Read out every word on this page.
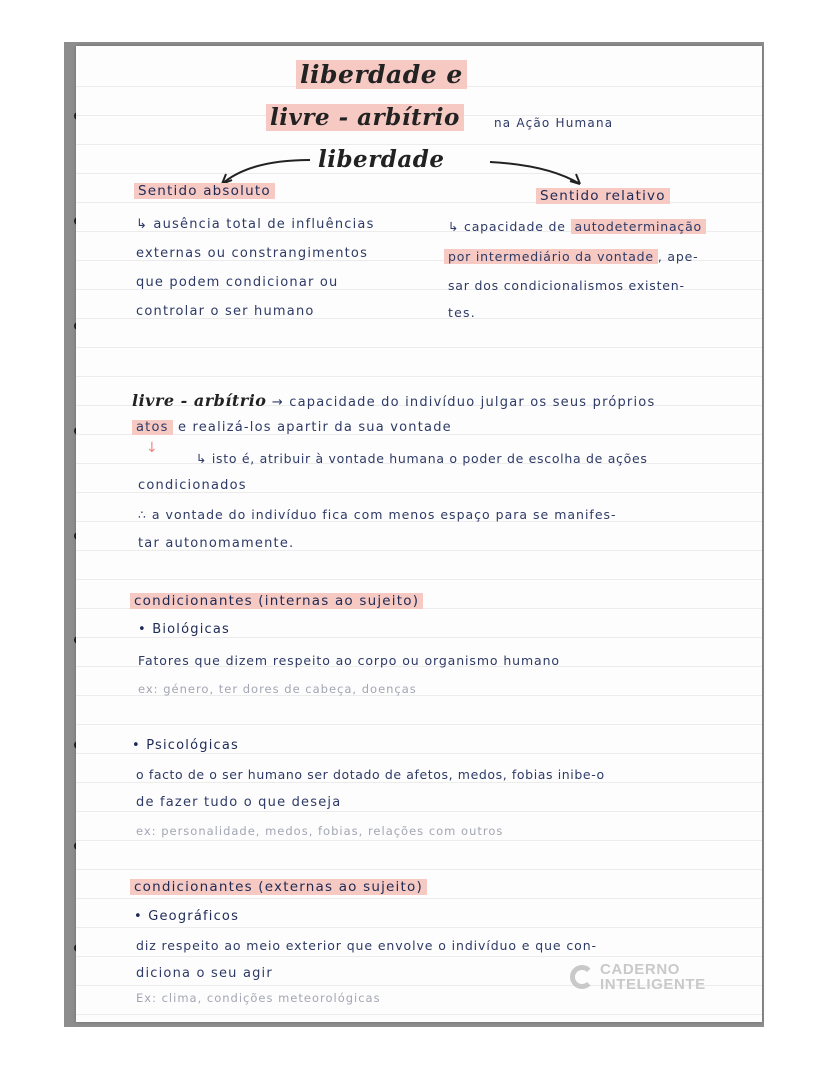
liberdade e
livre - arbítrio	na Ação Humana
liberdade
Sentido absoluto
↳ ausência total de influências
externas ou constrangimentos
que podem condicionar ou
controlar o ser humano
Sentido relativo
↳ capacidade de autodeterminação
por intermediário da vontade , ape-
sar dos condicionalismos existen-
tes.
livre - arbítrio → capacidade do indivíduo julgar os seus próprios
atos e realizá-los apartir da sua vontade
↓
↳ isto é, atribuir à vontade humana o poder de escolha de ações
condicionados
∴ a vontade do indivíduo fica com menos espaço para se manifes-
tar autonomamente.
condicionantes (internas ao sujeito)
• Biológicas
Fatores que dizem respeito ao corpo ou organismo humano
ex: género, ter dores de cabeça, doenças
• Psicológicas
o facto de o ser humano ser dotado de afetos, medos, fobias inibe-o
de fazer tudo o que deseja
ex: personalidade, medos, fobias, relações com outros
condicionantes (externas ao sujeito)
• Geográficos
diz respeito ao meio exterior que envolve o indivíduo e que con-
diciona o seu agir
Ex: clima, condições meteorológicas
CADERNO
INTELIGENTE
